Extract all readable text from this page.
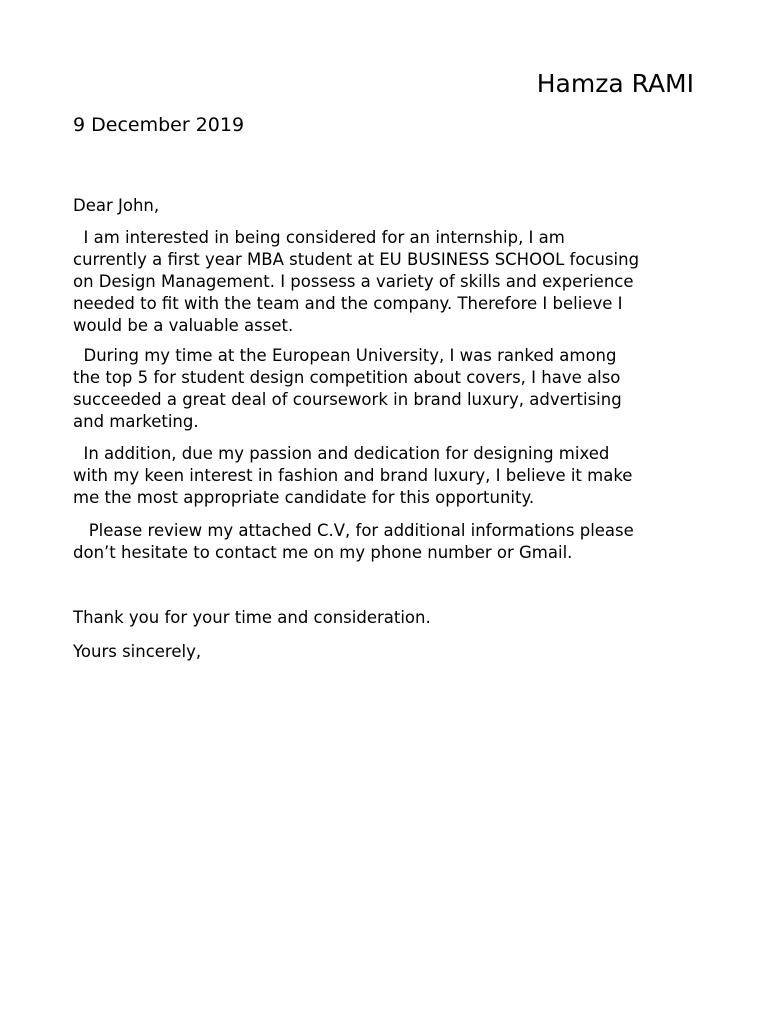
Hamza RAMI
9 December 2019
Dear John,
I am interested in being considered for an internship, I am
currently a first year MBA student at EU BUSINESS SCHOOL focusing
on Design Management. I possess a variety of skills and experience
needed to fit with the team and the company. Therefore I believe I
would be a valuable asset.
During my time at the European University, I was ranked among
the top 5 for student design competition about covers, I have also
succeeded a great deal of coursework in brand luxury, advertising
and marketing.
In addition, due my passion and dedication for designing mixed
with my keen interest in fashion and brand luxury, I believe it make
me the most appropriate candidate for this opportunity.
Please review my attached C.V, for additional informations please
don’t hesitate to contact me on my phone number or Gmail.
Thank you for your time and consideration.
Yours sincerely,
